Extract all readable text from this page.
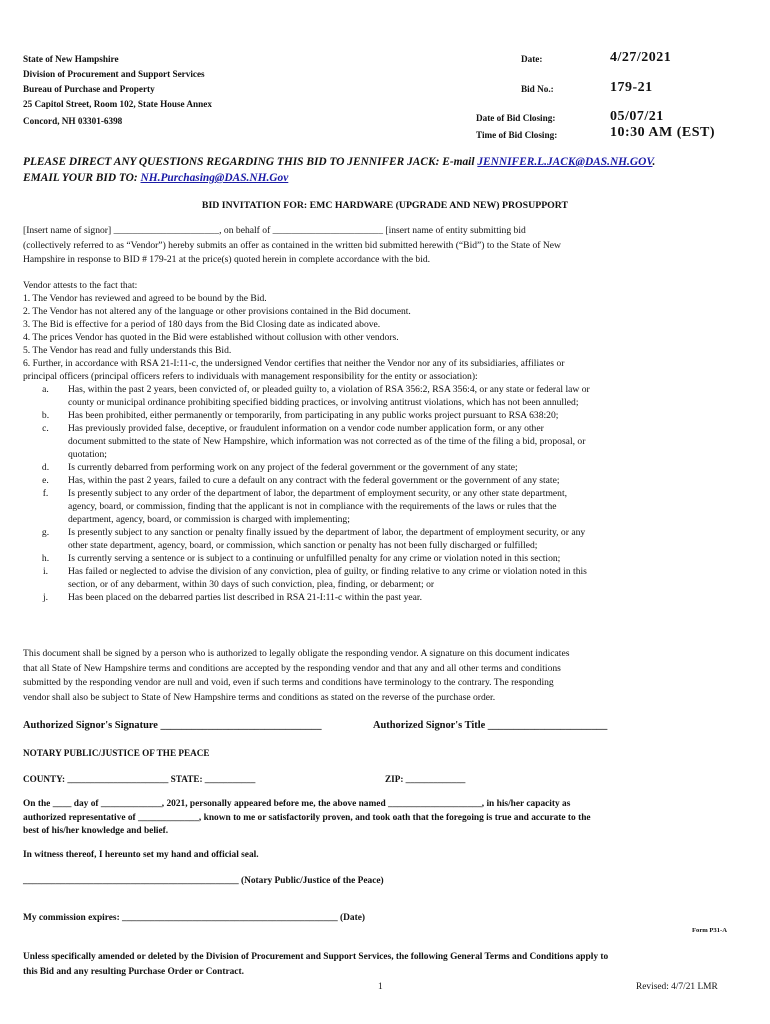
State of New Hampshire
Division of Procurement and Support Services
Bureau of Purchase and Property
25 Capitol Street, Room 102, State House Annex
Concord, NH 03301-6398
Date:	4/27/2021
Bid No.:	179-21
Date of Bid Closing:	05/07/21
Time of Bid Closing:	10:30 AM (EST)
PLEASE DIRECT ANY QUESTIONS REGARDING THIS BID TO JENNIFER JACK: E-mail JENNIFER.L.JACK@DAS.NH.GOV.
EMAIL YOUR BID TO: NH.Purchasing@DAS.NH.Gov
BID INVITATION FOR: EMC HARDWARE (UPGRADE AND NEW) PROSUPPORT
[Insert name of signor] ______________________, on behalf of _______________________ [insert name of entity submitting bid
(collectively referred to as “Vendor”) hereby submits an offer as contained in the written bid submitted herewith (“Bid”) to the State of New
Hampshire in response to BID # 179-21 at the price(s) quoted herein in complete accordance with the bid.
Vendor attests to the fact that:
1. The Vendor has reviewed and agreed to be bound by the Bid.
2. The Vendor has not altered any of the language or other provisions contained in the Bid document.
3. The Bid is effective for a period of 180 days from the Bid Closing date as indicated above.
4. The prices Vendor has quoted in the Bid were established without collusion with other vendors.
5. The Vendor has read and fully understands this Bid.
6. Further, in accordance with RSA 21-I:11-c, the undersigned Vendor certifies that neither the Vendor nor any of its subsidiaries, affiliates or
principal officers (principal officers refers to individuals with management responsibility for the entity or association):
a.	Has, within the past 2 years, been convicted of, or pleaded guilty to, a violation of RSA 356:2, RSA 356:4, or any state or federal law or
county or municipal ordinance prohibiting specified bidding practices, or involving antitrust violations, which has not been annulled;
b.	Has been prohibited, either permanently or temporarily, from participating in any public works project pursuant to RSA 638:20;
c.	Has previously provided false, deceptive, or fraudulent information on a vendor code number application form, or any other
document submitted to the state of New Hampshire, which information was not corrected as of the time of the filing a bid, proposal, or
quotation;
d.	Is currently debarred from performing work on any project of the federal government or the government of any state;
e.	Has, within the past 2 years, failed to cure a default on any contract with the federal government or the government of any state;
f.	Is presently subject to any order of the department of labor, the department of employment security, or any other state department,
agency, board, or commission, finding that the applicant is not in compliance with the requirements of the laws or rules that the
department, agency, board, or commission is charged with implementing;
g.	Is presently subject to any sanction or penalty finally issued by the department of labor, the department of employment security, or any
other state department, agency, board, or commission, which sanction or penalty has not been fully discharged or fulfilled;
h.	Is currently serving a sentence or is subject to a continuing or unfulfilled penalty for any crime or violation noted in this section;
i.	Has failed or neglected to advise the division of any conviction, plea of guilty, or finding relative to any crime or violation noted in this
section, or of any debarment, within 30 days of such conviction, plea, finding, or debarment; or
j.	Has been placed on the debarred parties list described in RSA 21-I:11-c within the past year.
This document shall be signed by a person who is authorized to legally obligate the responding vendor. A signature on this document indicates
that all State of New Hampshire terms and conditions are accepted by the responding vendor and that any and all other terms and conditions
submitted by the responding vendor are null and void, even if such terms and conditions have terminology to the contrary. The responding
vendor shall also be subject to State of New Hampshire terms and conditions as stated on the reverse of the purchase order.
Authorized Signor's Signature _______________________________	Authorized Signor's Title _______________________
NOTARY PUBLIC/JUSTICE OF THE PEACE
COUNTY: ______________________ STATE: ___________	ZIP: _____________
On the ____ day of _____________, 2021, personally appeared before me, the above named ____________________, in his/her capacity as
authorized representative of _____________, known to me or satisfactorily proven, and took oath that the foregoing is true and accurate to the
best of his/her knowledge and belief.
In witness thereof, I hereunto set my hand and official seal.
______________________________________________ (Notary Public/Justice of the Peace)
My commission expires: ______________________________________________ (Date)
Form P31-A
Unless specifically amended or deleted by the Division of Procurement and Support Services, the following General Terms and Conditions apply to
this Bid and any resulting Purchase Order or Contract.
1	Revised: 4/7/21 LMR
